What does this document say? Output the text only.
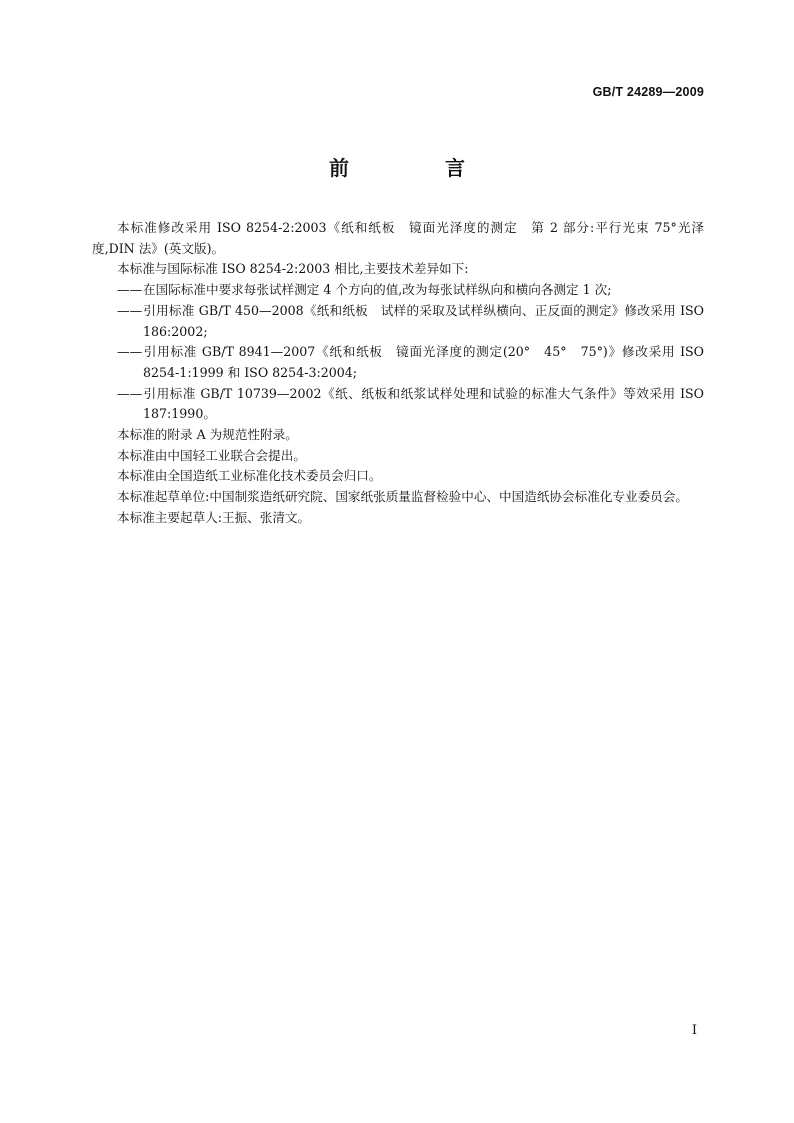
GB/T 24289—2009
前　言

本标准修改采用 ISO 8254-2:2003《纸和纸板　镜面光泽度的测定　第 2 部分:平行光束 75°光泽度,DIN 法》(英文版)。

本标准与国际标准 ISO 8254-2:2003 相比,主要技术差异如下:

——在国际标准中要求每张试样测定 4 个方向的值,改为每张试样纵向和横向各测定 1 次;

——引用标准 GB/T 450—2008《纸和纸板　试样的采取及试样纵横向、正反面的测定》修改采用 ISO 186:2002;

——引用标准 GB/T 8941—2007《纸和纸板　镜面光泽度的测定(20°　45°　75°)》修改采用 ISO 8254-1:1999 和 ISO 8254-3:2004;

——引用标准 GB/T 10739—2002《纸、纸板和纸浆试样处理和试验的标准大气条件》等效采用 ISO 187:1990。

本标准的附录 A 为规范性附录。

本标准由中国轻工业联合会提出。

本标准由全国造纸工业标准化技术委员会归口。

本标准起草单位:中国制浆造纸研究院、国家纸张质量监督检验中心、中国造纸协会标准化专业委员会。

本标准主要起草人:王振、张清文。

I
